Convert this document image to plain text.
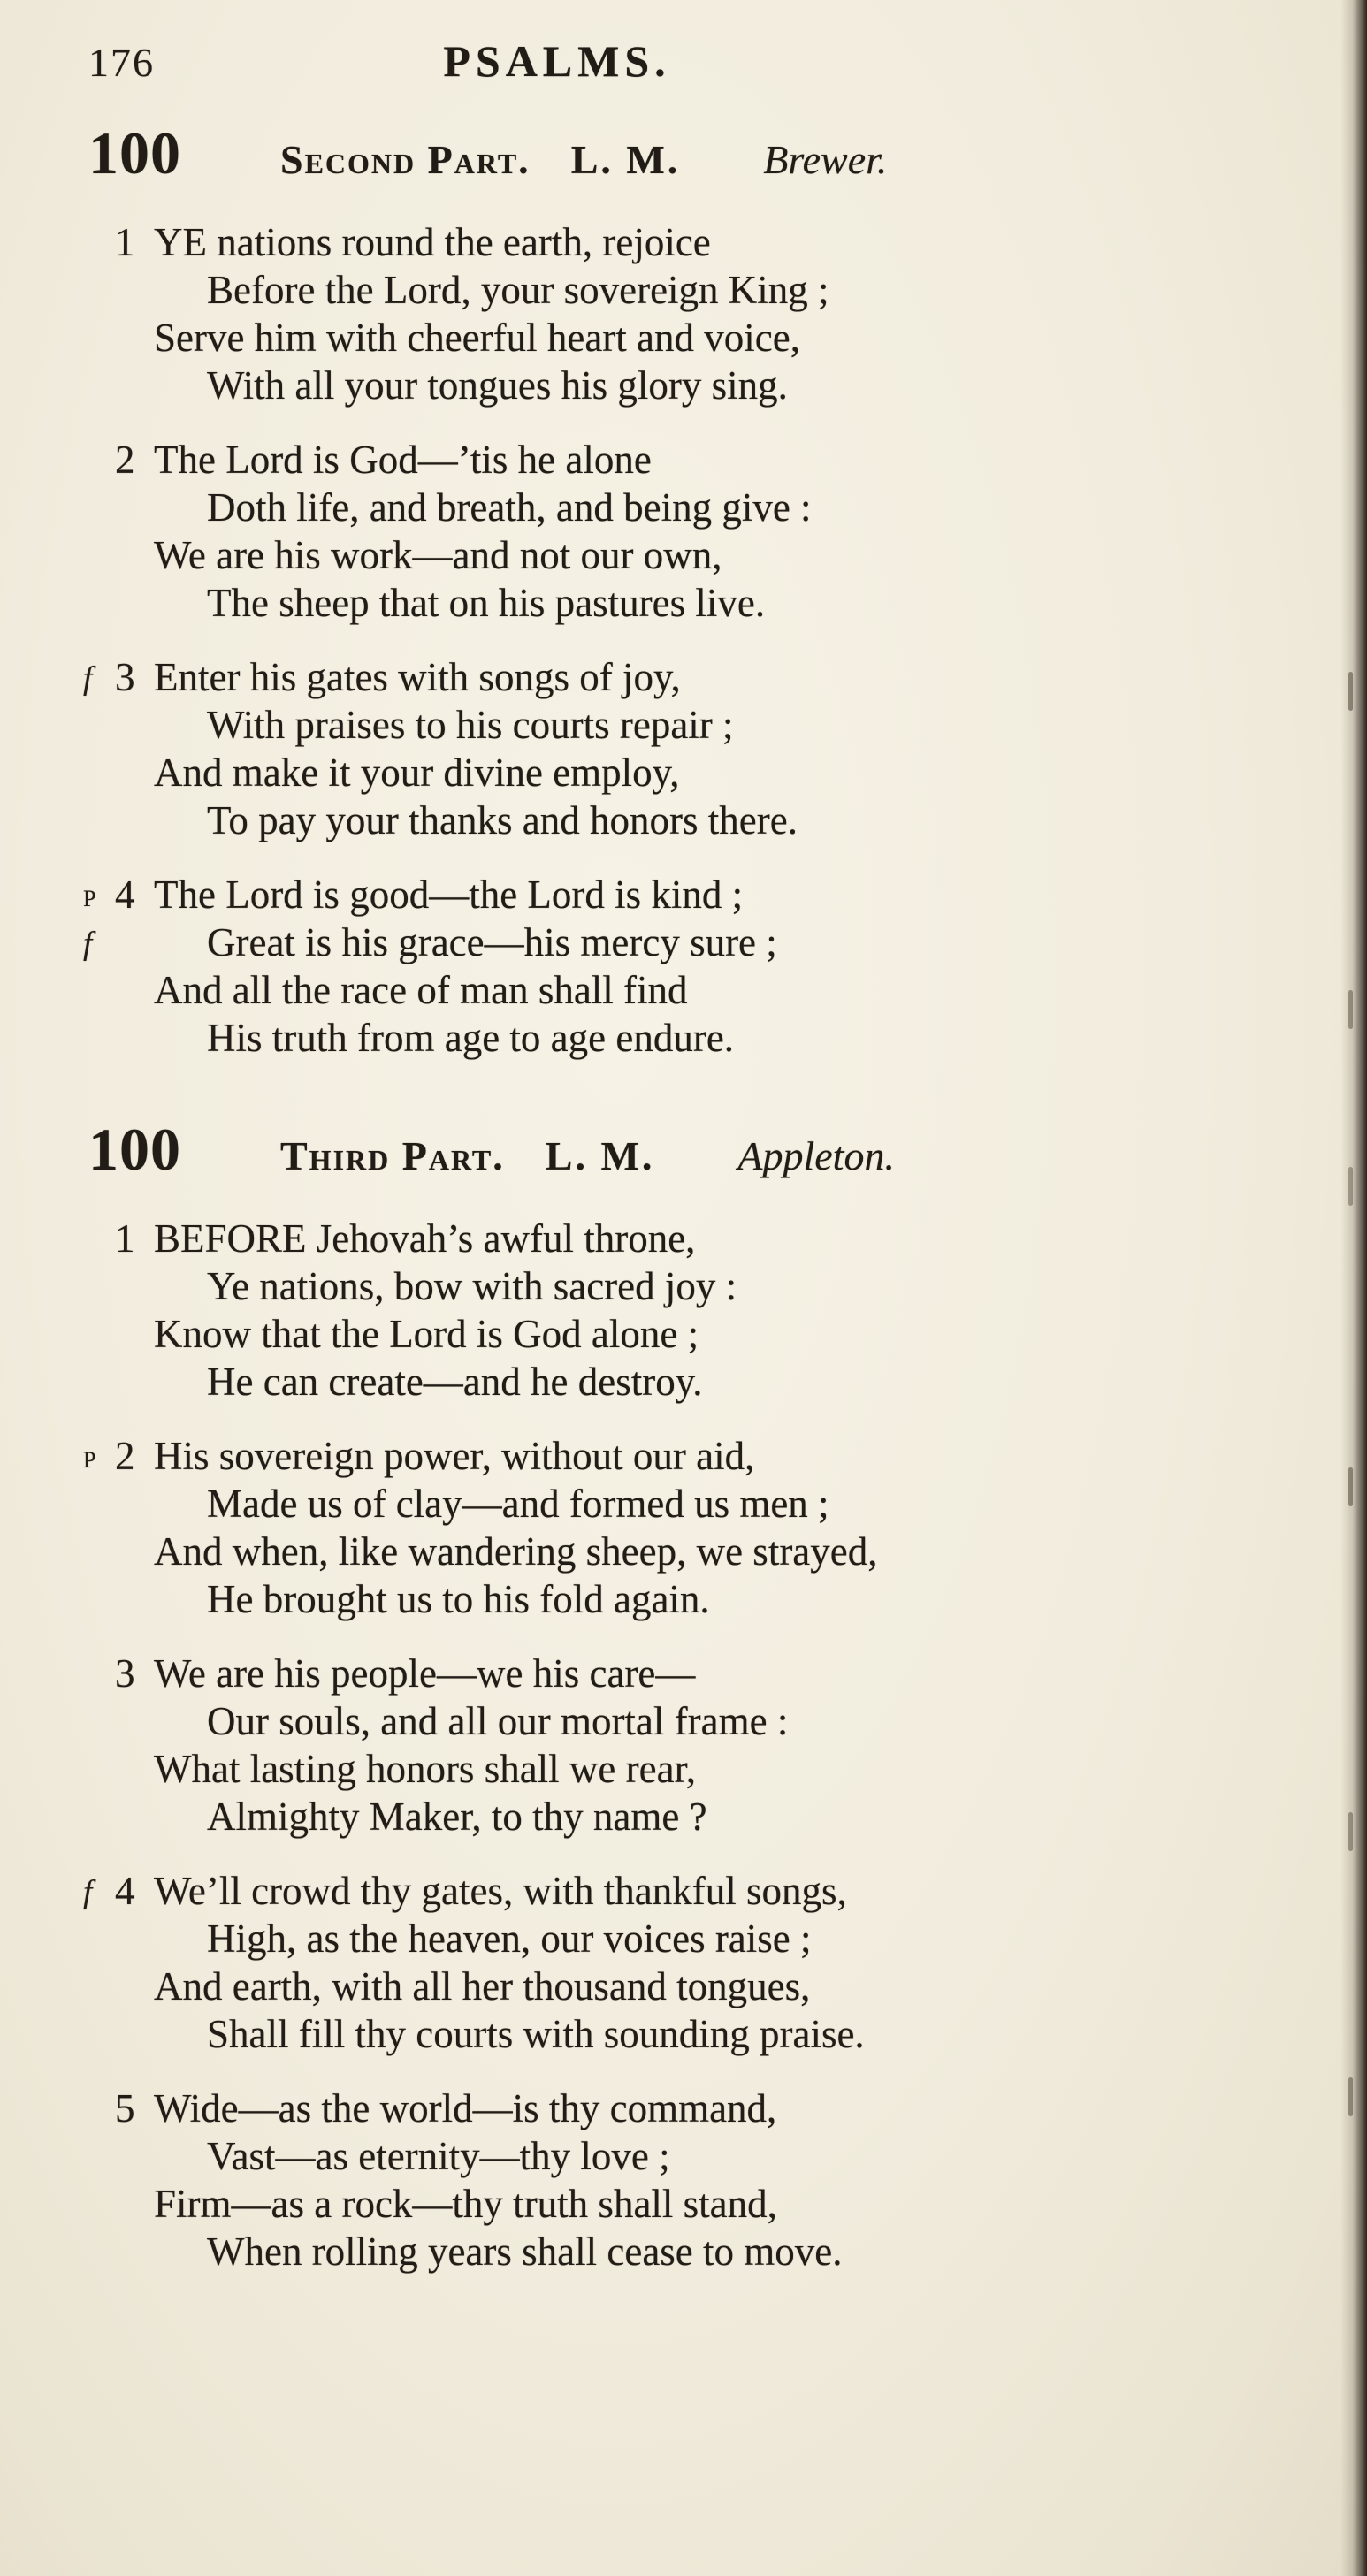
176	PSALMS.
100 Second Part. L. M. Brewer.
1 YE nations round the earth, rejoice
Before the Lord, your sovereign King ;
Serve him with cheerful heart and voice,
With all your tongues his glory sing.
2 The Lord is God—’tis he alone
Doth life, and breath, and being give :
We are his work—and not our own,
The sheep that on his pastures live.
f 3 Enter his gates with songs of joy,
With praises to his courts repair ;
And make it your divine employ,
To pay your thanks and honors there.
p 4 The Lord is good—the Lord is kind ;
f	Great is his grace—his mercy sure ;
And all the race of man shall find
His truth from age to age endure.
100 Third Part. L. M. Appleton.
1 BEFORE Jehovah’s awful throne,
Ye nations, bow with sacred joy :
Know that the Lord is God alone ;
He can create—and he destroy.
p 2 His sovereign power, without our aid,
Made us of clay—and formed us men ;
And when, like wandering sheep, we strayed,
He brought us to his fold again.
3 We are his people—we his care—
Our souls, and all our mortal frame :
What lasting honors shall we rear,
Almighty Maker, to thy name ?
f 4 We’ll crowd thy gates, with thankful songs,
High, as the heaven, our voices raise ;
And earth, with all her thousand tongues,
Shall fill thy courts with sounding praise.
5 Wide—as the world—is thy command,
Vast—as eternity—thy love ;
Firm—as a rock—thy truth shall stand,
When rolling years shall cease to move.
